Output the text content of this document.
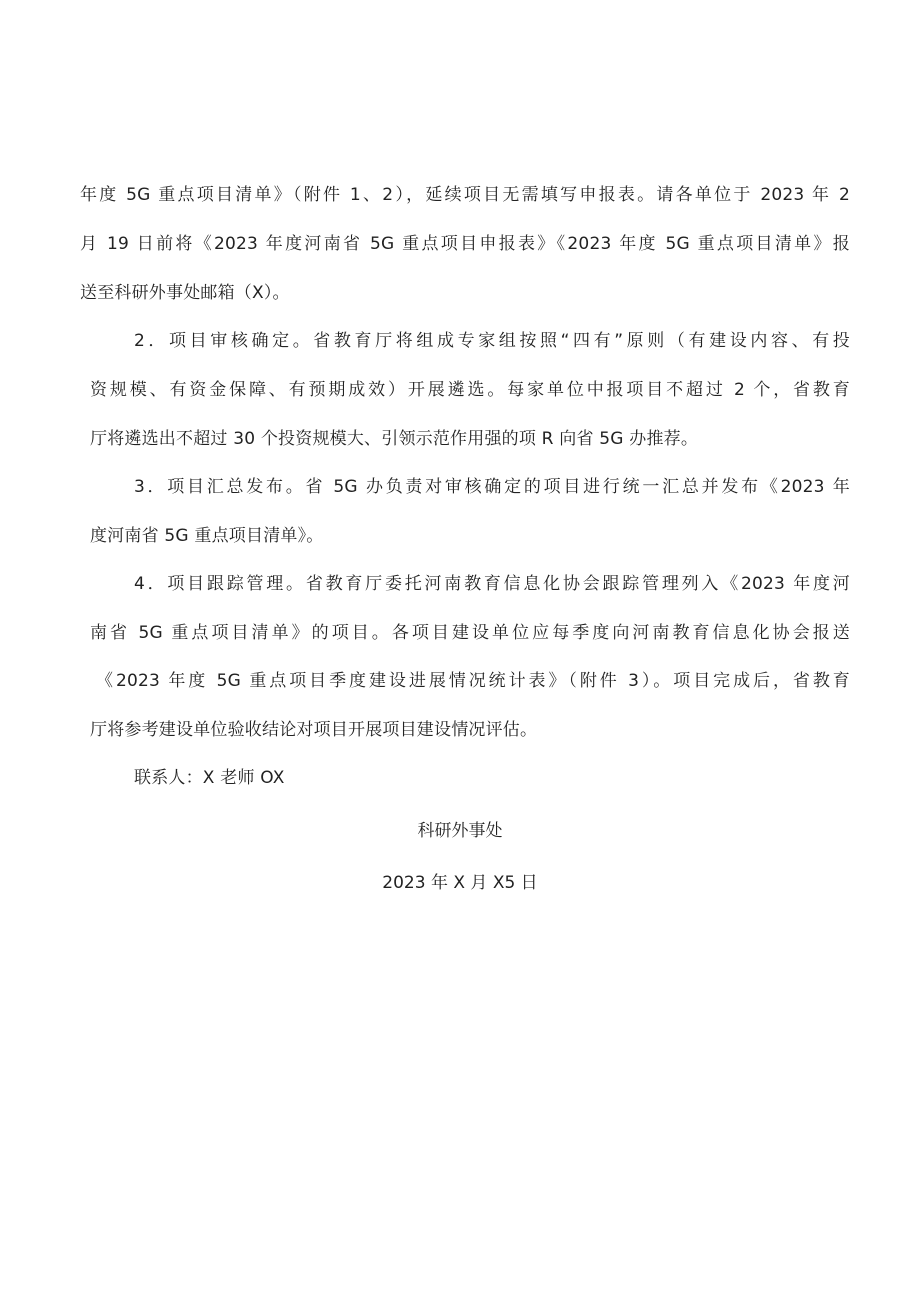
年度 5G 重点项目清单》（附件 1、2），延续项目无需填写申报表。请各单位于 2023 年 2
月 19 日前将《2023 年度河南省 5G 重点项目申报表》《2023 年度 5G 重点项目清单》报
送至科研外事处邮箱（X）。
2．项目审核确定。省教育厅将组成专家组按照“四有”原则（有建设内容、有投
资规模、有资金保障、有预期成效）开展遴选。每家单位中报项目不超过 2 个，省教育
厅将遴选出不超过 30 个投资规模大、引领示范作用强的项 R 向省 5G 办推荐。
3．项目汇总发布。省 5G 办负责对审核确定的项目进行统一汇总并发布《2023 年
度河南省 5G 重点项目清单》。
4．项目跟踪管理。省教育厅委托河南教育信息化协会跟踪管理列入《2023 年度河
南省 5G 重点项目清单》的项目。各项目建设单位应每季度向河南教育信息化协会报送
《2023 年度 5G 重点项目季度建设进展情况统计表》（附件 3）。项目完成后，省教育
厅将参考建设单位验收结论对项目开展项目建设情况评估。
联系人：X 老师 OX
科研外事处
2023 年 X 月 X5 日
